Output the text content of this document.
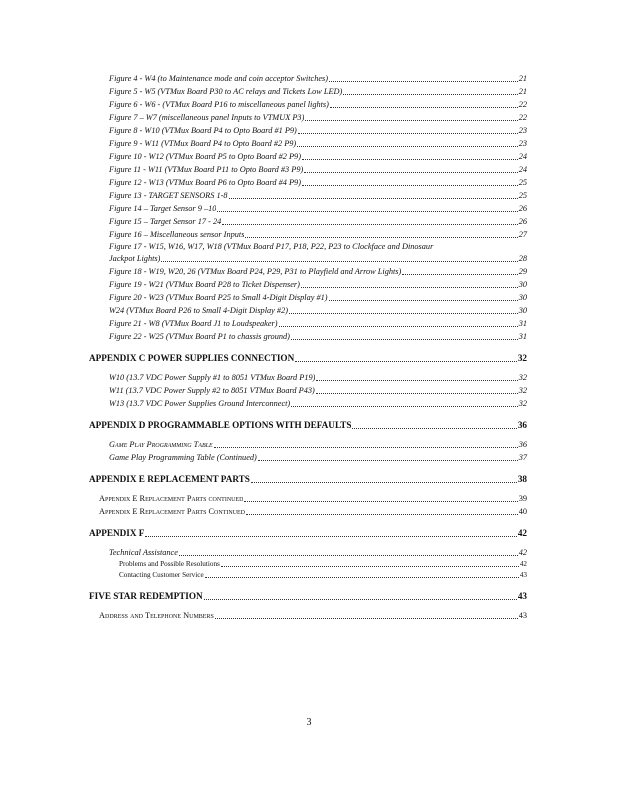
Figure 4 - W4 (to Maintenance mode and coin acceptor Switches)	21
Figure 5 - W5 (VTMux Board P30 to AC relays and Tickets Low LED)	21
Figure 6 - W6 - (VTMux Board P16 to miscellaneous panel lights)	22
Figure 7 – W7 (miscellaneous panel Inputs to VTMUX P3)	22
Figure 8 - W10 (VTMux Board P4 to Opto Board #1 P9)	23
Figure 9 - W11 (VTMux Board P4 to Opto Board #2 P9)	23
Figure 10 - W12 (VTMux Board P5 to Opto Board #2 P9)	24
Figure 11 - W11 (VTMux Board P11 to Opto Board #3 P9)	24
Figure 12 - W13 (VTMux Board P6 to Opto Board #4 P9)	25
Figure 13 - TARGET SENSORS 1-8	25
Figure 14 – Target Sensor 9 –10	26
Figure 15 – Target Sensor 17 - 24	26
Figure 16 – Miscellaneous sensor Inputs	27
Figure 17 - W15, W16, W17, W18 (VTMux Board P17, P18, P22, P23 to Clockface and Dinosaur
Jackpot Lights)	28
Figure 18 - W19, W20, 26 (VTMux Board P24, P29, P31 to Playfield and Arrow Lights)	29
Figure 19 - W21 (VTMux Board P28 to Ticket Dispenser)	30
Figure 20 - W23 (VTMux Board P25 to Small 4-Digit Display #1)	30
W24 (VTMux Board P26 to Small 4-Digit Display #2)	30
Figure 21 - W8 (VTMux Board J1 to Loudspeaker)	31
Figure 22 - W25 (VTMux Board P1 to chassis ground)	31
APPENDIX C POWER SUPPLIES CONNECTION	32
W10 (13.7 VDC Power Supply #1 to 8051 VTMux Board P19)	32
W11 (13.7 VDC Power Supply #2 to 8051 VTMux Board P43)	32
W13 (13.7 VDC Power Supplies Ground Interconnect)	32
APPENDIX D PROGRAMMABLE OPTIONS WITH DEFAULTS	36
Game Play Programming Table	36
Game Play Programming Table (Continued)	37
APPENDIX E REPLACEMENT PARTS	38
Appendix E Replacement Parts continued	39
Appendix E Replacement Parts Continued	40
APPENDIX F	42
Technical Assistance	42
Problems and Possible Resolutions	42
Contacting Customer Service	43
FIVE STAR REDEMPTION	43
Address and Telephone Numbers	43
3
